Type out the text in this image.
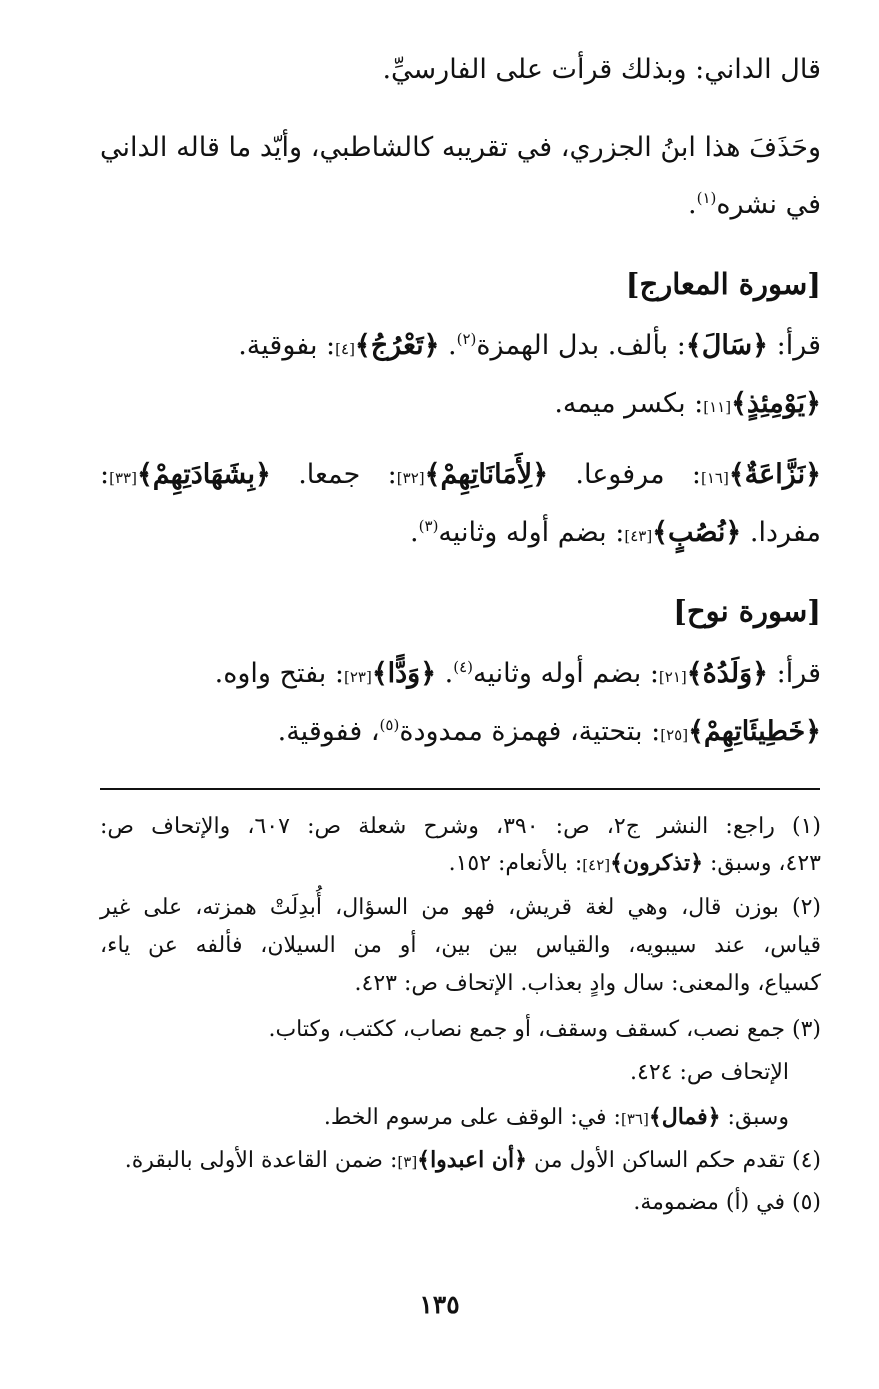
قال الداني: وبذلك قرأت على الفارسيِّ.
وحَذَفَ هذا ابنُ الجزري، في تقريبه كالشاطبي، وأيّد ما قاله الداني
في نشره$^{(١)}$.
[سورة المعارج]
قرأ: ﴿سَالَ﴾: بألف. بدل الهمزة$^{(٢)}$. ﴿تَعْرُجُ﴾[٤]: بفوقية.
﴿يَوْمِئِذٍ﴾[١١]: بكسر ميمه.
﴿نَزَّاعَةٌ﴾[١٦]: مرفوعا. ﴿لِأَمَانَاتِهِمْ﴾[٣٢]: جمعا. ﴿بِشَهَادَتِهِمْ﴾[٣٣]:
مفردا. ﴿نُصُبٍ﴾[٤٣]: بضم أوله وثانيه$^{(٣)}$.
[سورة نوح]
قرأ: ﴿وَلَدُهُ﴾[٢١]: بضم أوله وثانيه$^{(٤)}$. ﴿وَدًّا﴾[٢٣]: بفتح واوه.
﴿خَطِيئَاتِهِمْ﴾[٢٥]: بتحتية، فهمزة ممدودة$^{(٥)}$، ففوقية.
(١) راجع: النشر ج٢، ص: ٣٩٠، وشرح شعلة ص: ٦٠٧، والإتحاف ص:
٤٢٣، وسبق: ﴿تذكرون﴾[٤٢]: بالأنعام: ١٥٢.
(٢) بوزن قال، وهي لغة قريش، فهو من السؤال، أُبدِلَتْ همزته، على غير
قياس، عند سيبويه، والقياس بين بين، أو من السيلان، فألفه عن ياء،
كسياع، والمعنى: سال وادٍ بعذاب. الإتحاف ص: ٤٢٣.
(٣) جمع نصب، كسقف وسقف، أو جمع نصاب، ككتب، وكتاب.
الإتحاف ص: ٤٢٤.
وسبق: ﴿فمال﴾[٣٦]: في: الوقف على مرسوم الخط.
(٤) تقدم حكم الساكن الأول من ﴿أن اعبدوا﴾[٣]: ضمن القاعدة الأولى بالبقرة.
(٥) في (أ) مضمومة.
١٣٥
